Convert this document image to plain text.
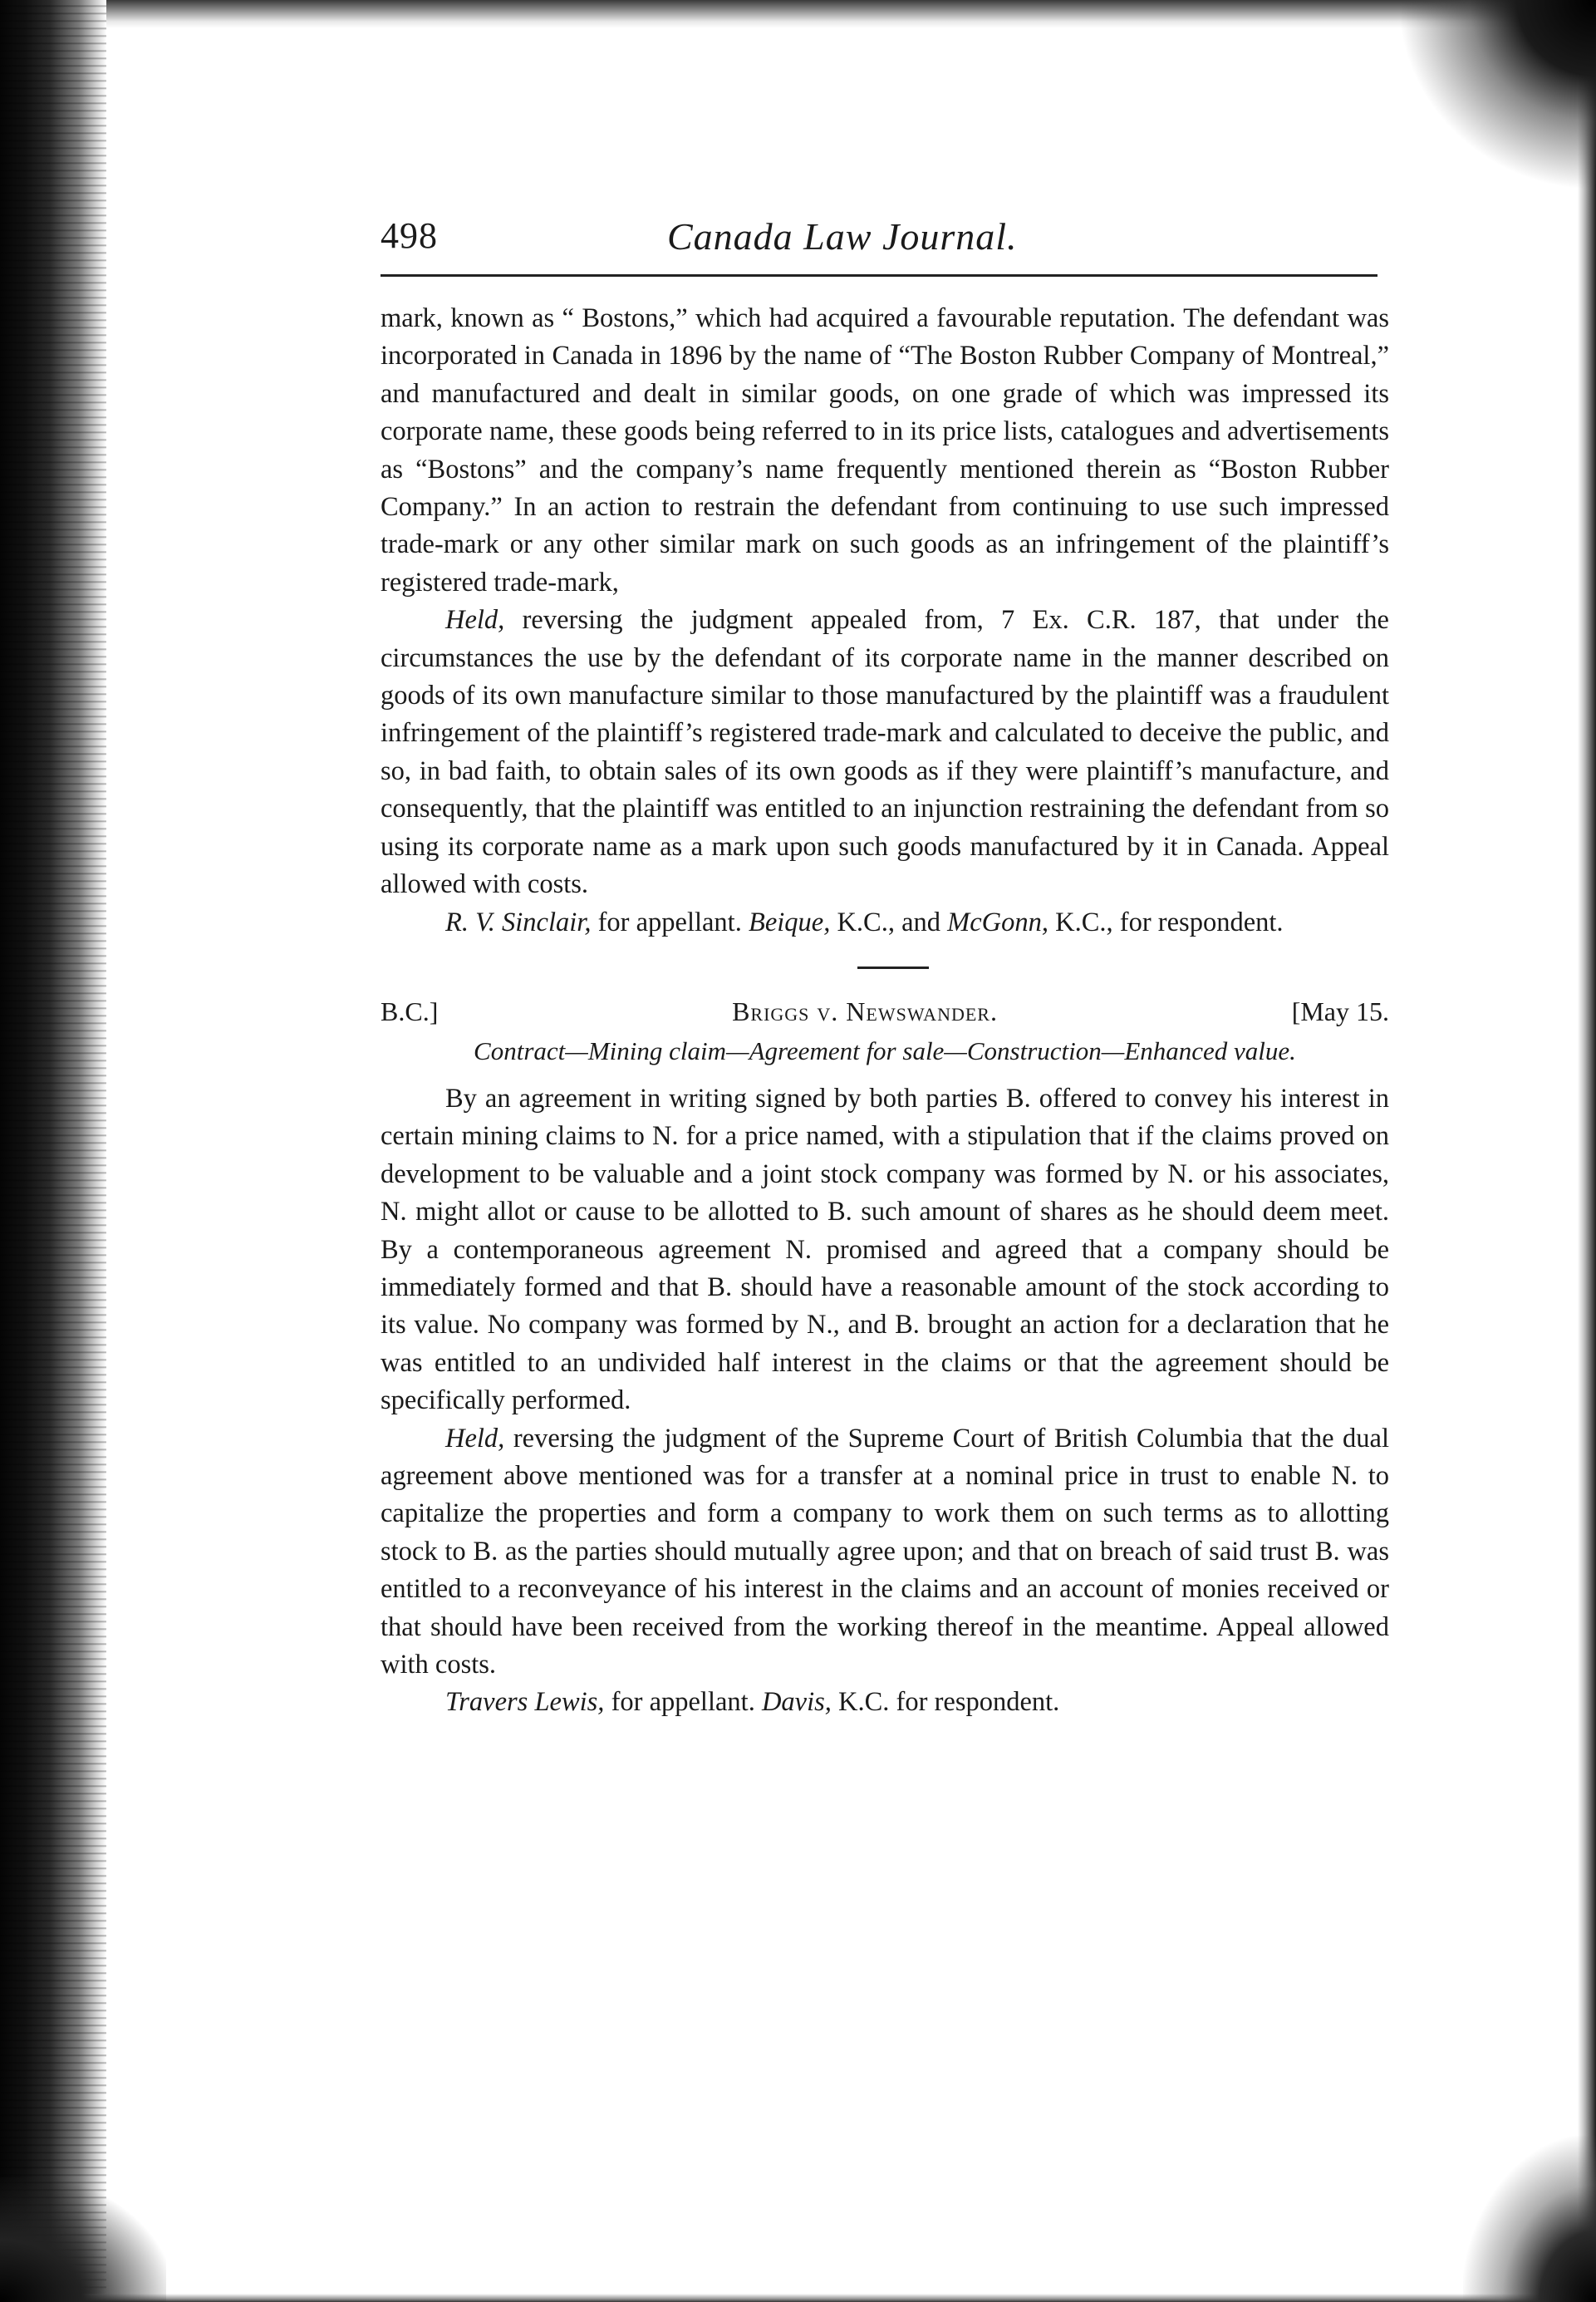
498	Canada Law Journal.

mark, known as “ Bostons,” which had acquired a favourable reputation. The defendant was incorporated in Canada in 1896 by the name of “The Boston Rubber Company of Montreal,” and manufactured and dealt in similar goods, on one grade of which was impressed its corporate name, these goods being referred to in its price lists, catalogues and advertisements as “Bostons” and the company’s name frequently mentioned therein as “Boston Rubber Company.” In an action to restrain the defendant from continuing to use such impressed trade-mark or any other similar mark on such goods as an infringement of the plaintiff’s registered trade-mark,

Held, reversing the judgment appealed from, 7 Ex. C.R. 187, that under the circumstances the use by the defendant of its corporate name in the manner described on goods of its own manufacture similar to those manufactured by the plaintiff was a fraudulent infringement of the plaintiff’s registered trade-mark and calculated to deceive the public, and so, in bad faith, to obtain sales of its own goods as if they were plaintiff’s manufacture, and consequently, that the plaintiff was entitled to an injunction restraining the defendant from so using its corporate name as a mark upon such goods manufactured by it in Canada. Appeal allowed with costs.

R. V. Sinclair, for appellant. Beique, K.C., and McGonn, K.C., for respondent.

B.C.]	Briggs v. Newswander.	[May 15.
Contract—Mining claim—Agreement for sale—Construction—Enhanced value.

By an agreement in writing signed by both parties B. offered to convey his interest in certain mining claims to N. for a price named, with a stipulation that if the claims proved on development to be valuable and a joint stock company was formed by N. or his associates, N. might allot or cause to be allotted to B. such amount of shares as he should deem meet. By a contemporaneous agreement N. promised and agreed that a company should be immediately formed and that B. should have a reasonable amount of the stock according to its value. No company was formed by N., and B. brought an action for a declaration that he was entitled to an undivided half interest in the claims or that the agreement should be specifically performed.

Held, reversing the judgment of the Supreme Court of British Columbia that the dual agreement above mentioned was for a transfer at a nominal price in trust to enable N. to capitalize the properties and form a company to work them on such terms as to allotting stock to B. as the parties should mutually agree upon; and that on breach of said trust B. was entitled to a reconveyance of his interest in the claims and an account of monies received or that should have been received from the working thereof in the meantime. Appeal allowed with costs.

Travers Lewis, for appellant. Davis, K.C. for respondent.
